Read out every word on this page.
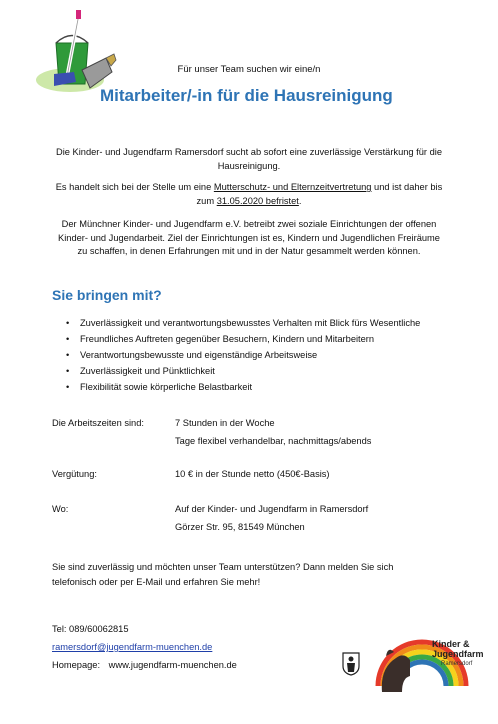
Für unser Team suchen wir eine/n
Mitarbeiter/-in für die Hausreinigung
Die Kinder- und Jugendfarm Ramersdorf sucht ab sofort eine zuverlässige Verstärkung für die Hausreinigung.
Es handelt sich bei der Stelle um eine Mutterschutz- und Elternzeitvertretung und ist daher bis zum 31.05.2020 befristet.
Der Münchner Kinder- und Jugendfarm e.V. betreibt zwei soziale Einrichtungen der offenen Kinder- und Jugendarbeit. Ziel der Einrichtungen ist es, Kindern und Jugendlichen Freiräume zu schaffen, in denen Erfahrungen mit und in der Natur gesammelt werden können.
Sie bringen mit?
• Zuverlässigkeit und verantwortungsbewusstes Verhalten mit Blick fürs Wesentliche
• Freundliches Auftreten gegenüber Besuchern, Kindern und Mitarbeitern
• Verantwortungsbewusste und eigenständige Arbeitsweise
• Zuverlässigkeit und Pünktlichkeit
• Flexibilität sowie körperliche Belastbarkeit
Die Arbeitszeiten sind:	7 Stunden in der Woche
Tage flexibel verhandelbar, nachmittags/abends
Vergütung:	10 € in der Stunde netto (450€-Basis)
Wo:	Auf der Kinder- und Jugendfarm in Ramersdorf
Görzer Str. 95, 81549 München
Sie sind zuverlässig und möchten unser Team unterstützen? Dann melden Sie sich telefonisch oder per E-Mail und erfahren Sie mehr!
Tel: 089/60062815
ramersdorf@jugendfarm-muenchen.de
Homepage: www.jugendfarm-muenchen.de
Kinder &
Jugendfarm
Ramersdorf
